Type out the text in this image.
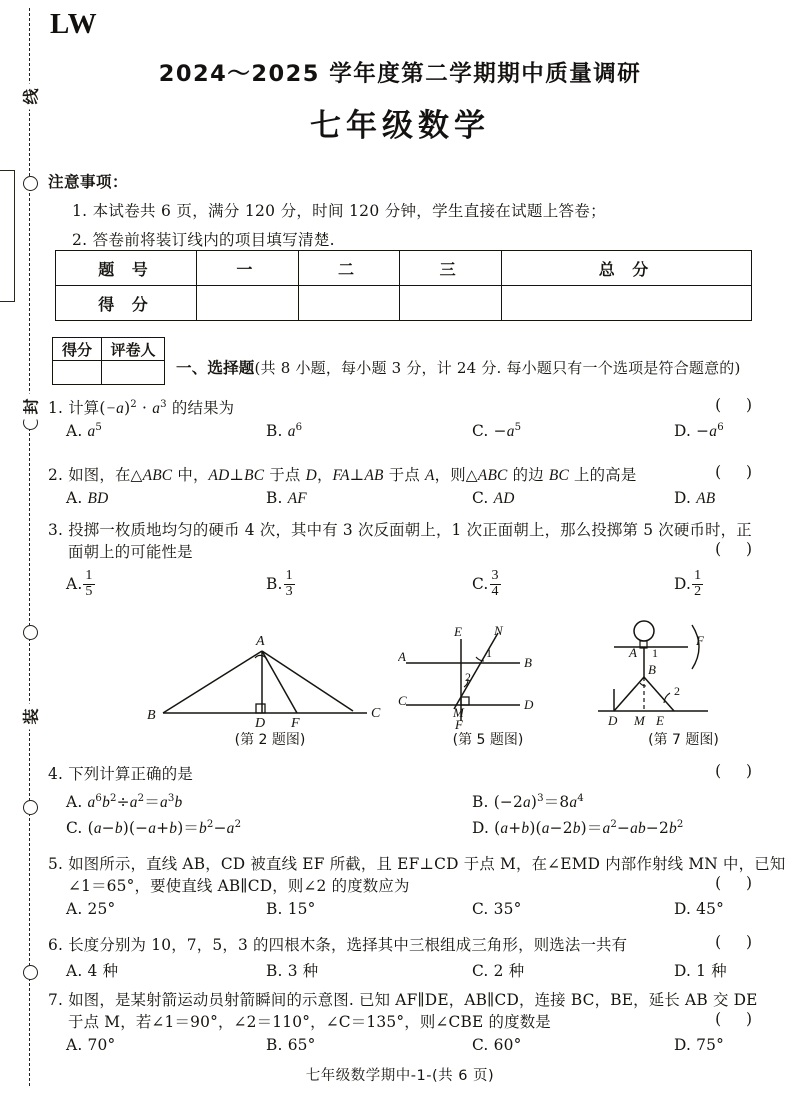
线
封
装
LW
2024～2025 学年度第二学期期中质量调研
七年级数学
注意事项：
1. 本试卷共 6 页，满分 120 分，时间 120 分钟，学生直接在试题上答卷；
2. 答卷前将装订线内的项目填写清楚.
题 号	一	二	三	总 分
得 分				
得分	评卷人

一、选择题(共 8 小题，每小题 3 分，计 24 分. 每小题只有一个选项是符合题意的)
1. 计算$(-a)^2 \cdot a^3$ 的结果为	( )
A. $a^5$	B. $a^6$	C. $-a^5$	D. $-a^6$
2. 如图，在△ABC 中，AD⊥BC 于点 D，FA⊥AB 于点 A，则△ABC 的边 BC 上的高是	( )
A. BD	B. AF	C. AD	D. AB
3. 投掷一枚质地均匀的硬币 4 次，其中有 3 次反面朝上，1 次正面朝上，那么投掷第 5 次硬币时，正
面朝上的可能性是	( )
A. $\frac{1}{5}$	B. $\frac{1}{3}$	C. $\frac{3}{4}$	D. $\frac{1}{2}$
A
B	C
D F
(第 2 题图)
E N
A	B
C	D
M
F
1
2
(第 5 题图)
A
F
B
D M E
1
2
(第 7 题图)
4. 下列计算正确的是	( )
A. $a^6b^2\div a^2=a^3b$	B. $(-2a)^3=8a^4$
C. $(a-b)(-a+b)=b^2-a^2$	D. $(a+b)(a-2b)=a^2-ab-2b^2$
5. 如图所示，直线 AB，CD 被直线 EF 所截，且 EF⊥CD 于点 M，在∠EMD 内部作射线 MN 中，已知
∠1＝65°，要使直线 AB∥CD，则∠2 的度数应为	( )
A. 25°	B. 15°	C. 35°	D. 45°
6. 长度分别为 10，7，5，3 的四根木条，选择其中三根组成三角形，则选法一共有	( )
A. 4 种	B. 3 种	C. 2 种	D. 1 种
7. 如图，是某射箭运动员射箭瞬间的示意图. 已知 AF∥DE，AB∥CD，连接 BC，BE，延长 AB 交 DE
于点 M，若∠1＝90°，∠2＝110°，∠C＝135°，则∠CBE 的度数是	( )
A. 70°	B. 65°	C. 60°	D. 75°
七年级数学期中-1-(共 6 页)
